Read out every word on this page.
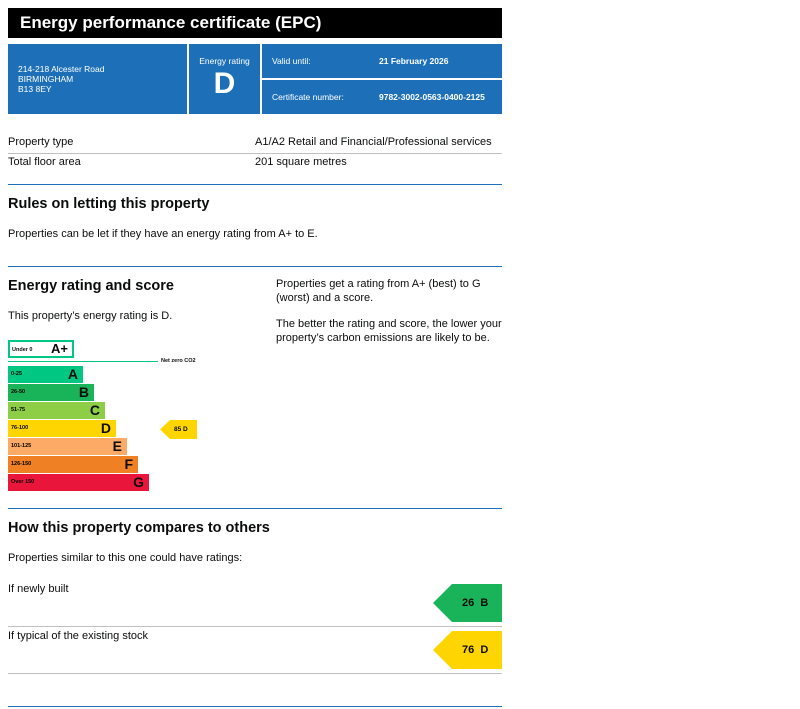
Energy performance certificate (EPC)
214-218 Alcester Road
BIRMINGHAM
B13 8EY
Energy rating
D
Valid until:	21 February 2026
Certificate number:	9782-3002-0563-0400-2125
Property type	A1/A2 Retail and Financial/Professional services
Total floor area	201 square metres
Rules on letting this property
Properties can be let if they have an energy rating from A+ to E.
Energy rating and score
This property’s energy rating is D.
Properties get a rating from A+ (best) to G (worst) and a score.
The better the rating and score, the lower your property’s carbon emissions are likely to be.
Under 0 A+
Net zero CO2
0-25	A
26-50	B
51-75	C
76-100	D
101-125	E
126-150	F
Over 150	G
85 D
How this property compares to others
Properties similar to this one could have ratings:
If newly built
26 B
If typical of the existing stock
76 D
